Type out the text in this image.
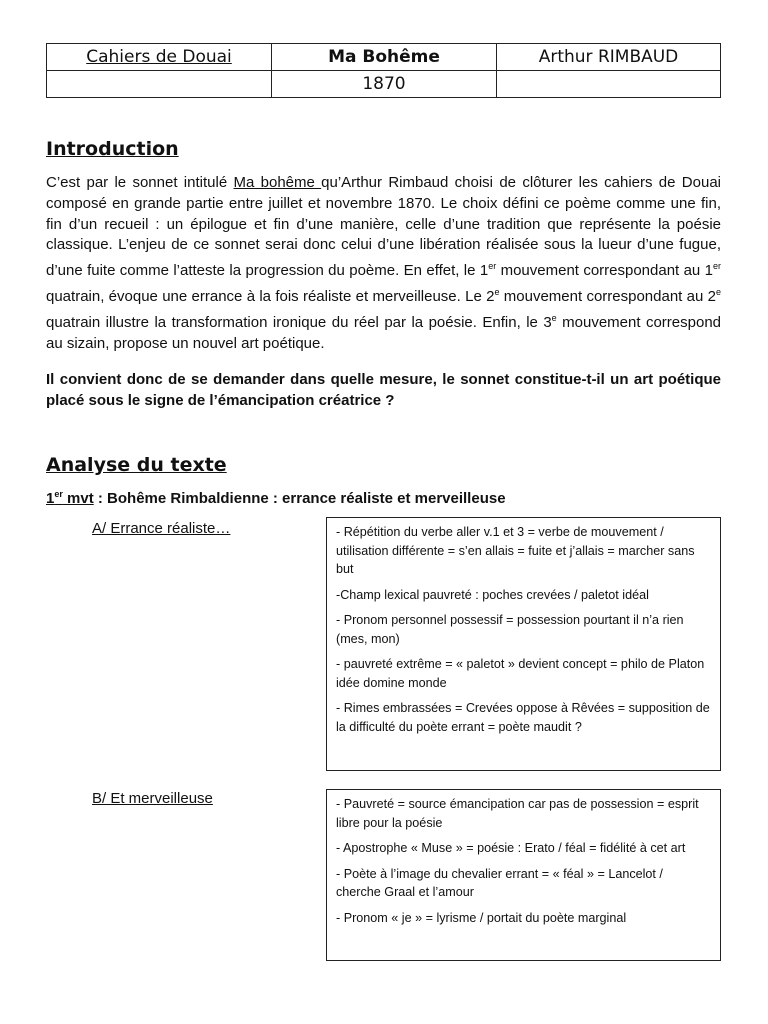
Cahiers de Douai	Ma Bohême	Arthur RIMBAUD
	1870	
Introduction
C’est par le sonnet intitulé Ma bohême qu’Arthur Rimbaud choisi de clôturer les cahiers de Douai composé en grande partie entre juillet et novembre 1870. Le choix défini ce poème comme une fin, fin d’un recueil : un épilogue et fin d’une manière, celle d’une tradition que représente la poésie classique. L’enjeu de ce sonnet serai donc celui d’une libération réalisée sous la lueur d’une fugue, d’une fuite comme l’atteste la progression du poème. En effet, le 1er mouvement correspondant au 1er quatrain, évoque une errance à la fois réaliste et merveilleuse. Le 2e mouvement correspondant au 2e quatrain illustre la transformation ironique du réel par la poésie. Enfin, le 3e mouvement correspond au sizain, propose un nouvel art poétique.
Il convient donc de se demander dans quelle mesure, le sonnet constitue-t-il un art poétique placé sous le signe de l’émancipation créatrice ?
Analyse du texte
1er mvt : Bohême Rimbaldienne : errance réaliste et merveilleuse
A/ Errance réaliste…	- Répétition du verbe aller v.1 et 3 = verbe de mouvement / utilisation différente = s’en allais = fuite et j’allais = marcher sans but

-Champ lexical pauvreté : poches crevées / paletot idéal

- Pronom personnel possessif = possession pourtant il n’a rien (mes, mon)

- pauvreté extrême = « paletot » devient concept = philo de Platon idée domine monde

- Rimes embrassées = Crevées oppose à Rêvées = supposition de la difficulté du poète errant = poète maudit ?

B/ Et merveilleuse	- Pauvreté = source émancipation car pas de possession = esprit libre pour la poésie

- Apostrophe « Muse » = poésie : Erato / féal = fidélité à cet art

- Poète à l’image du chevalier errant = « féal » = Lancelot / cherche Graal et l’amour

- Pronom « je » = lyrisme / portait du poète marginal
